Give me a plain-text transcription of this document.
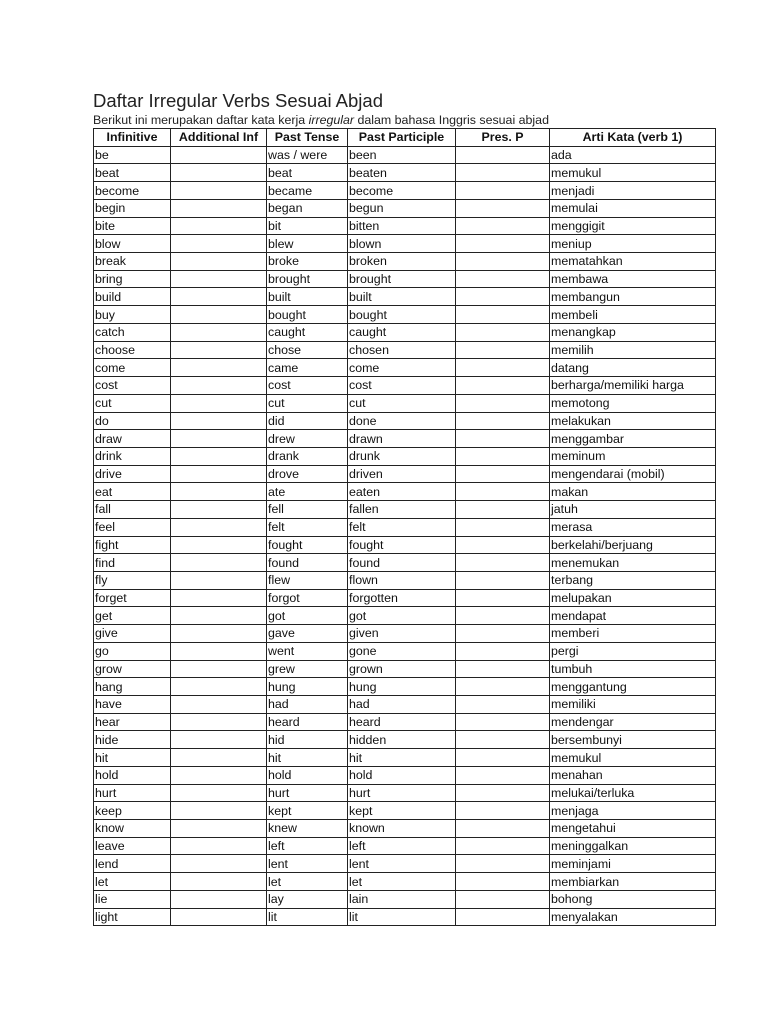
Daftar Irregular Verbs Sesuai Abjad

Berikut ini merupakan daftar kata kerja irregular dalam bahasa Inggris sesuai abjad

Infinitive	Additional Inf	Past Tense	Past Participle	Pres. P	Arti Kata (verb 1)
be		was / were	been		ada
beat		beat	beaten		memukul
become		became	become		menjadi
begin		began	begun		memulai
bite		bit	bitten		menggigit
blow		blew	blown		meniup
break		broke	broken		mematahkan
bring		brought	brought		membawa
build		built	built		membangun
buy		bought	bought		membeli
catch		caught	caught		menangkap
choose		chose	chosen		memilih
come		came	come		datang
cost		cost	cost		berharga/memiliki harga
cut		cut	cut		memotong
do		did	done		melakukan
draw		drew	drawn		menggambar
drink		drank	drunk		meminum
drive		drove	driven		mengendarai (mobil)
eat		ate	eaten		makan
fall		fell	fallen		jatuh
feel		felt	felt		merasa
fight		fought	fought		berkelahi/berjuang
find		found	found		menemukan
fly		flew	flown		terbang
forget		forgot	forgotten		melupakan
get		got	got		mendapat
give		gave	given		memberi
go		went	gone		pergi
grow		grew	grown		tumbuh
hang		hung	hung		menggantung
have		had	had		memiliki
hear		heard	heard		mendengar
hide		hid	hidden		bersembunyi
hit		hit	hit		memukul
hold		hold	hold		menahan
hurt		hurt	hurt		melukai/terluka
keep		kept	kept		menjaga
know		knew	known		mengetahui
leave		left	left		meninggalkan
lend		lent	lent		meminjami
let		let	let		membiarkan
lie		lay	lain		bohong
light		lit	lit		menyalakan
